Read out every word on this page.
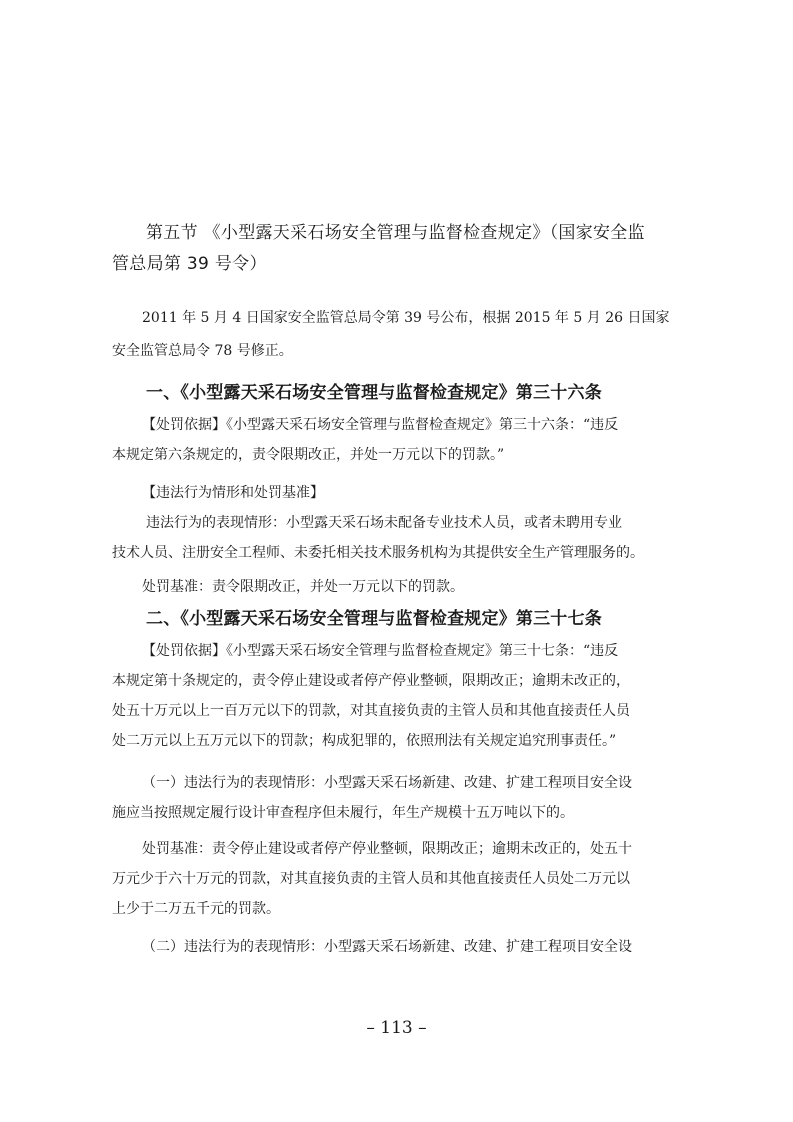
第五节 《小型露天采石场安全管理与监督检查规定》（国家安全监
管总局第 39 号令）
2011 年 5 月 4 日国家安全监管总局令第 39 号公布，根据 2015 年 5 月 26 日国家
安全监管总局令 78 号修正。
一、《小型露天采石场安全管理与监督检查规定》第三十六条
【处罚依据】《小型露天采石场安全管理与监督检查规定》第三十六条：“违反
本规定第六条规定的，责令限期改正，并处一万元以下的罚款。”
【违法行为情形和处罚基准】
违法行为的表现情形：小型露天采石场未配备专业技术人员，或者未聘用专业
技术人员、注册安全工程师、未委托相关技术服务机构为其提供安全生产管理服务的。
处罚基准：责令限期改正，并处一万元以下的罚款。
二、《小型露天采石场安全管理与监督检查规定》第三十七条
【处罚依据】《小型露天采石场安全管理与监督检查规定》第三十七条：“违反
本规定第十条规定的，责令停止建设或者停产停业整顿，限期改正；逾期未改正的，
处五十万元以上一百万元以下的罚款，对其直接负责的主管人员和其他直接责任人员
处二万元以上五万元以下的罚款；构成犯罪的，依照刑法有关规定追究刑事责任。”
（一）违法行为的表现情形：小型露天采石场新建、改建、扩建工程项目安全设
施应当按照规定履行设计审查程序但未履行，年生产规模十五万吨以下的。
处罚基准：责令停止建设或者停产停业整顿，限期改正；逾期未改正的，处五十
万元少于六十万元的罚款，对其直接负责的主管人员和其他直接责任人员处二万元以
上少于二万五千元的罚款。
（二）违法行为的表现情形：小型露天采石场新建、改建、扩建工程项目安全设
– 113 –
